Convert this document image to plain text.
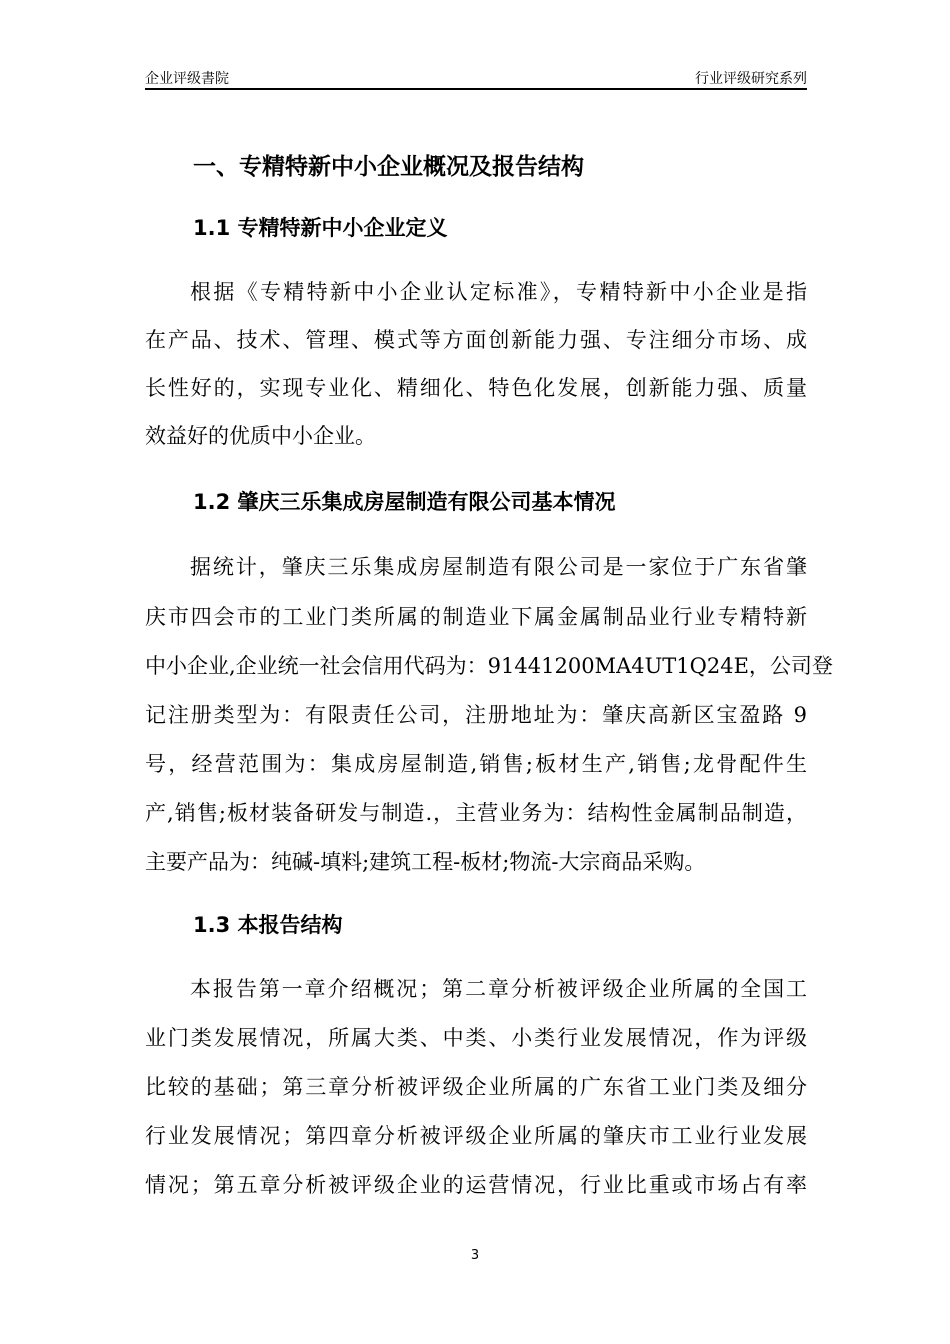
企业评级書院	行业评级研究系列
一、专精特新中小企业概况及报告结构
1.1 专精特新中小企业定义
根据《专精特新中小企业认定标准》，专精特新中小企业是指
在产品、技术、管理、模式等方面创新能力强、专注细分市场、成
长性好的，实现专业化、精细化、特色化发展，创新能力强、质量
效益好的优质中小企业。
1.2 肇庆三乐集成房屋制造有限公司基本情况
据统计，肇庆三乐集成房屋制造有限公司是一家位于广东省肇
庆市四会市的工业门类所属的制造业下属金属制品业行业专精特新
中小企业,企业统一社会信用代码为：91441200MA4UT1Q24E，公司登
记注册类型为：有限责任公司，注册地址为：肇庆高新区宝盈路 9
号，经营范围为：集成房屋制造,销售;板材生产,销售;龙骨配件生
产,销售;板材装备研发与制造.，主营业务为：结构性金属制品制造，
主要产品为：纯碱-填料;建筑工程-板材;物流-大宗商品采购。
1.3 本报告结构
本报告第一章介绍概况；第二章分析被评级企业所属的全国工
业门类发展情况，所属大类、中类、小类行业发展情况，作为评级
比较的基础；第三章分析被评级企业所属的广东省工业门类及细分
行业发展情况；第四章分析被评级企业所属的肇庆市工业行业发展
情况；第五章分析被评级企业的运营情况，行业比重或市场占有率
3
